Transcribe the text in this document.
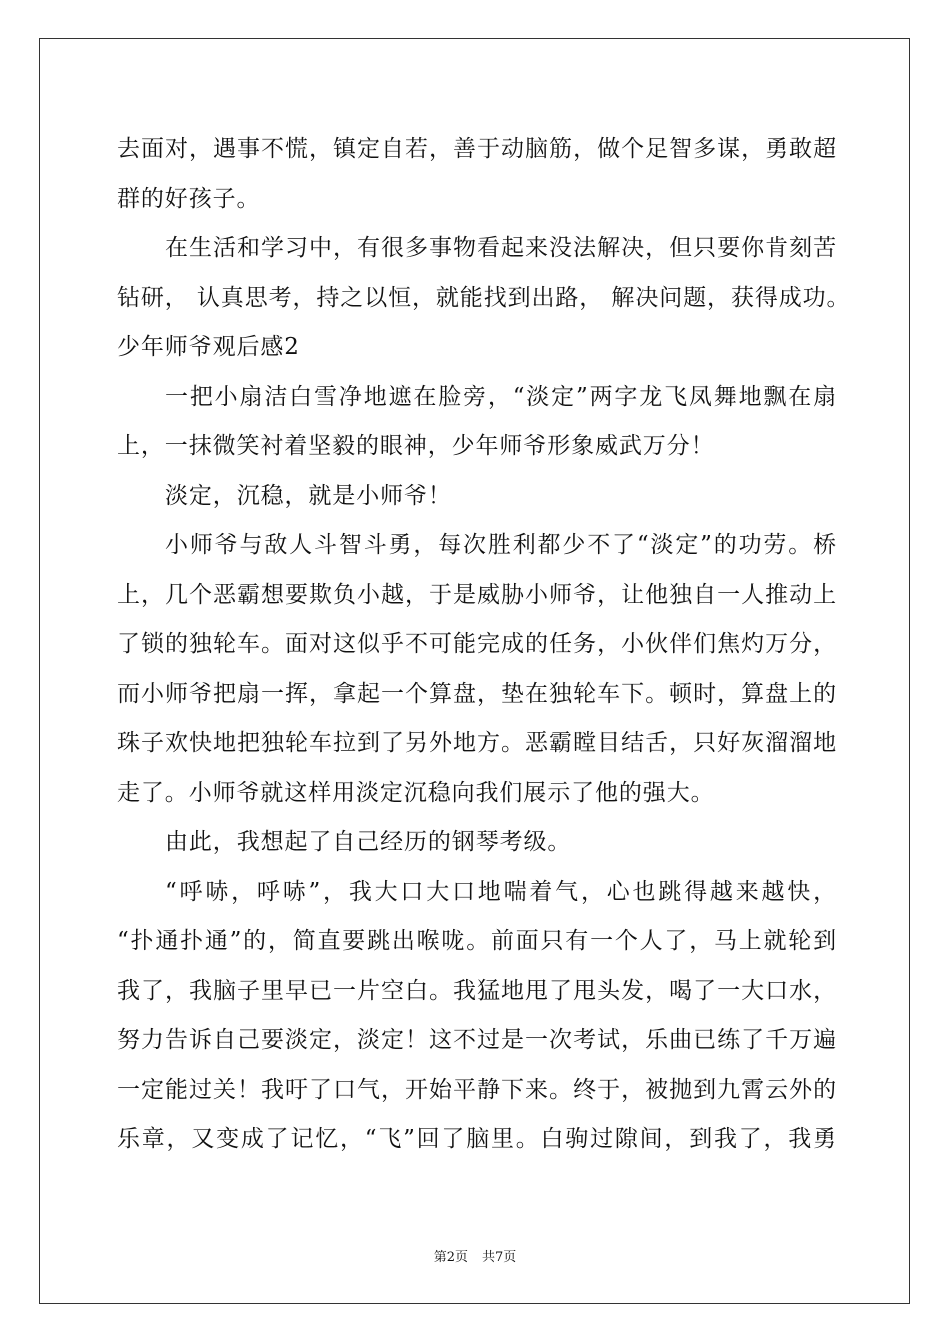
去面对，遇事不慌，镇定自若，善于动脑筋，做个足智多谋，勇敢超
群的好孩子。
在生活和学习中，有很多事物看起来没法解决，但只要你肯刻苦
钻研， 认真思考，持之以恒，就能找到出路， 解决问题，获得成功。
少年师爷观后感2
一把小扇洁白雪净地遮在脸旁，“淡定”两字龙飞凤舞地飘在扇
上，一抹微笑衬着坚毅的眼神，少年师爷形象威武万分！
淡定，沉稳，就是小师爷！
小师爷与敌人斗智斗勇，每次胜利都少不了“淡定”的功劳。桥
上，几个恶霸想要欺负小越，于是威胁小师爷，让他独自一人推动上
了锁的独轮车。面对这似乎不可能完成的任务，小伙伴们焦灼万分，
而小师爷把扇一挥，拿起一个算盘，垫在独轮车下。顿时，算盘上的
珠子欢快地把独轮车拉到了另外地方。恶霸瞠目结舌，只好灰溜溜地
走了。小师爷就这样用淡定沉稳向我们展示了他的强大。
由此，我想起了自己经历的钢琴考级。
“呼哧，呼哧”，我大口大口地喘着气，心也跳得越来越快，
“扑通扑通”的，简直要跳出喉咙。前面只有一个人了，马上就轮到
我了，我脑子里早已一片空白。我猛地甩了甩头发，喝了一大口水，
努力告诉自己要淡定，淡定！这不过是一次考试，乐曲已练了千万遍
一定能过关！我吁了口气，开始平静下来。终于，被抛到九霄云外的
乐章，又变成了记忆，“飞”回了脑里。白驹过隙间，到我了，我勇
第2页 共7页
